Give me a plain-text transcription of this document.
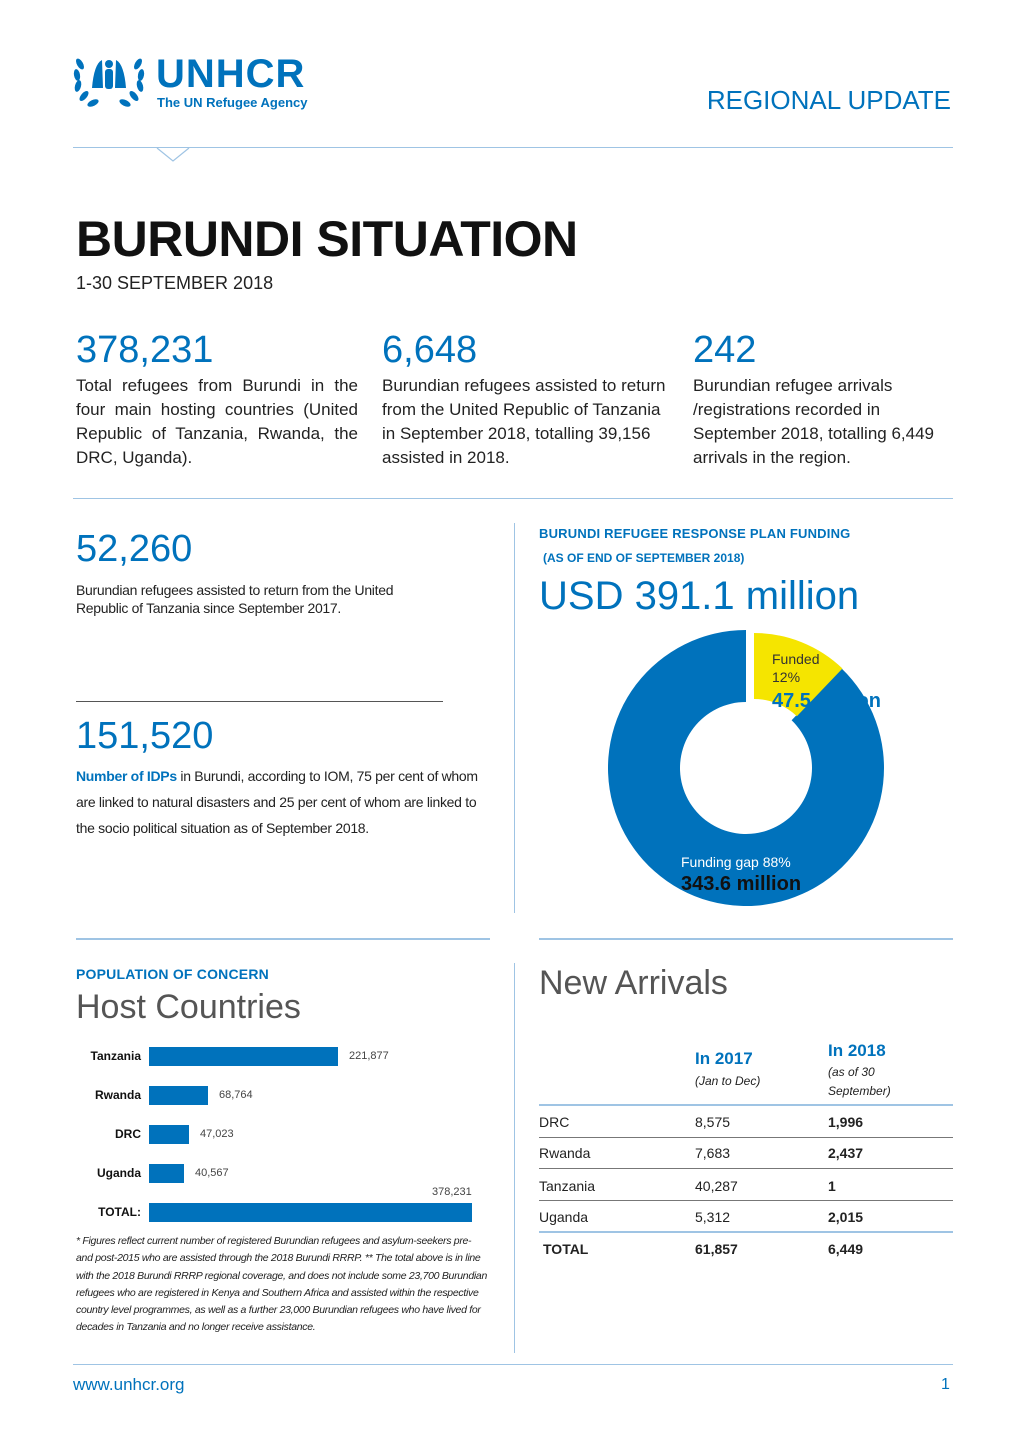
UNHCR
The UN Refugee Agency	REGIONAL UPDATE
BURUNDI SITUATION
1-30 SEPTEMBER 2018
378,231
Total refugees from Burundi in the four main hosting countries (United Republic of Tanzania, Rwanda, the DRC, Uganda).
6,648
Burundian refugees assisted to return from the United Republic of Tanzania in September 2018, totalling 39,156 assisted in 2018.
242
Burundian refugee arrivals /registrations recorded in September 2018, totalling 6,449 arrivals in the region.
52,260
Burundian refugees assisted to return from the United Republic of Tanzania since September 2017.
151,520
Number of IDPs in Burundi, according to IOM, 75 per cent of whom are linked to natural disasters and 25 per cent of whom are linked to the socio political situation as of September 2018.
BURUNDI REFUGEE RESPONSE PLAN FUNDING
(AS OF END OF SEPTEMBER 2018)
USD 391.1 million
Funded
12%
47.5 million
Funding gap 88%
343.6 million
POPULATION OF CONCERN
Host Countries
Tanzania	221,877
Rwanda	68,764
DRC	47,023
Uganda	40,567
TOTAL:
378,231
* Figures reflect current number of registered Burundian refugees and asylum-seekers pre- and post-2015 who are assisted through the 2018 Burundi RRRP. ** The total above is in line with the 2018 Burundi RRRP regional coverage, and does not include some 23,700 Burundian refugees who are registered in Kenya and Southern Africa and assisted within the respective country level programmes, as well as a further 23,000 Burundian refugees who have lived for decades in Tanzania and no longer receive assistance.
New Arrivals
In 2017
(Jan to Dec)
In 2018
(as of 30 September)
DRC	8,575	1,996
Rwanda	7,683	2,437
Tanzania	40,287	1
Uganda	5,312	2,015
TOTAL	61,857	6,449
www.unhcr.org	1
